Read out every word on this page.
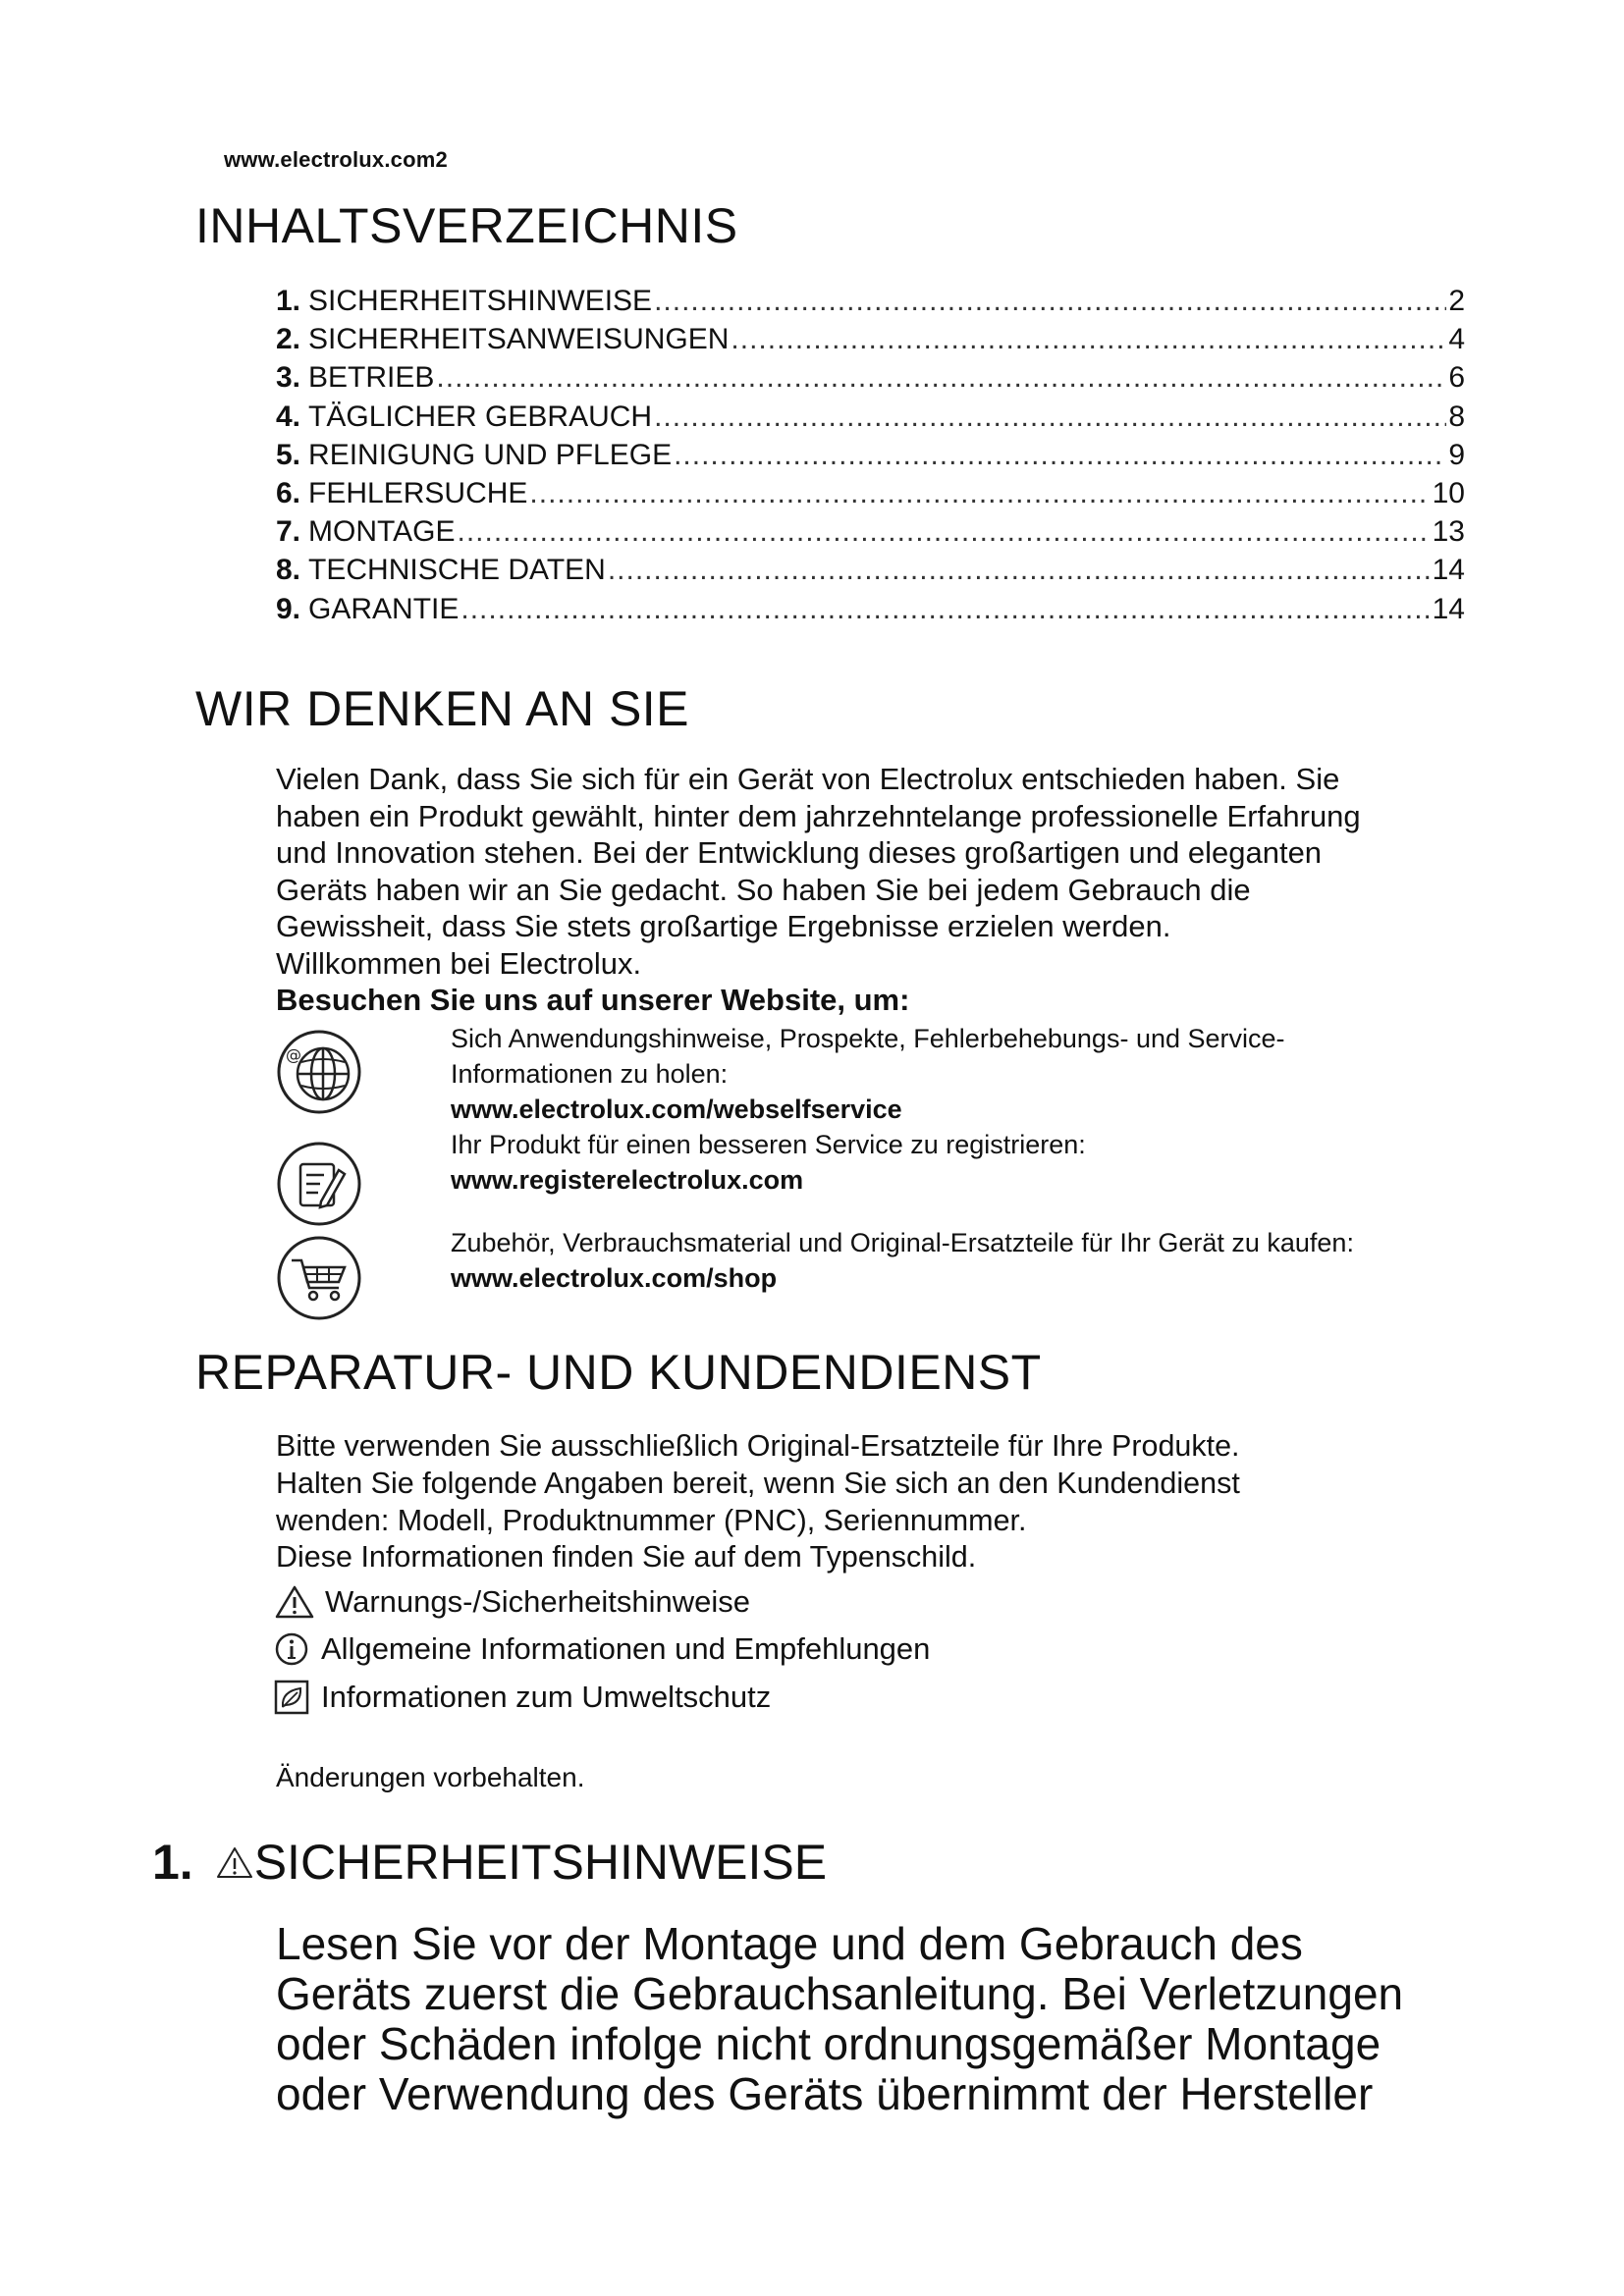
www.electrolux.com2
INHALTSVERZEICHNIS
1. SICHERHEITSHINWEISE .....	2
2. SICHERHEITSANWEISUNGEN .....	4
3. BETRIEB .....	6
4. TÄGLICHER GEBRAUCH .....	8
5. REINIGUNG UND PFLEGE .....	9
6. FEHLERSUCHE .....	10
7. MONTAGE .....	13
8. TECHNISCHE DATEN .....	14
9. GARANTIE .....	14
WIR DENKEN AN SIE
Vielen Dank, dass Sie sich für ein Gerät von Electrolux entschieden haben. Sie
haben ein Produkt gewählt, hinter dem jahrzehntelange professionelle Erfahrung
und Innovation stehen. Bei der Entwicklung dieses großartigen und eleganten
Geräts haben wir an Sie gedacht. So haben Sie bei jedem Gebrauch die
Gewissheit, dass Sie stets großartige Ergebnisse erzielen werden.
Willkommen bei Electrolux.
Besuchen Sie uns auf unserer Website, um:
@
Sich Anwendungshinweise, Prospekte, Fehlerbehebungs- und Service-
Informationen zu holen:
www.electrolux.com/webselfservice
Ihr Produkt für einen besseren Service zu registrieren:
www.registerelectrolux.com
Zubehör, Verbrauchsmaterial und Original-Ersatzteile für Ihr Gerät zu kaufen:
www.electrolux.com/shop
REPARATUR- UND KUNDENDIENST
Bitte verwenden Sie ausschließlich Original-Ersatzteile für Ihre Produkte.
Halten Sie folgende Angaben bereit, wenn Sie sich an den Kundendienst
wenden: Modell, Produktnummer (PNC), Seriennummer.
Diese Informationen finden Sie auf dem Typenschild.
Warnungs-/Sicherheitshinweise
Allgemeine Informationen und Empfehlungen
Informationen zum Umweltschutz
Änderungen vorbehalten.
1. SICHERHEITSHINWEISE
Lesen Sie vor der Montage und dem Gebrauch des
Geräts zuerst die Gebrauchsanleitung. Bei Verletzungen
oder Schäden infolge nicht ordnungsgemäßer Montage
oder Verwendung des Geräts übernimmt der Hersteller
